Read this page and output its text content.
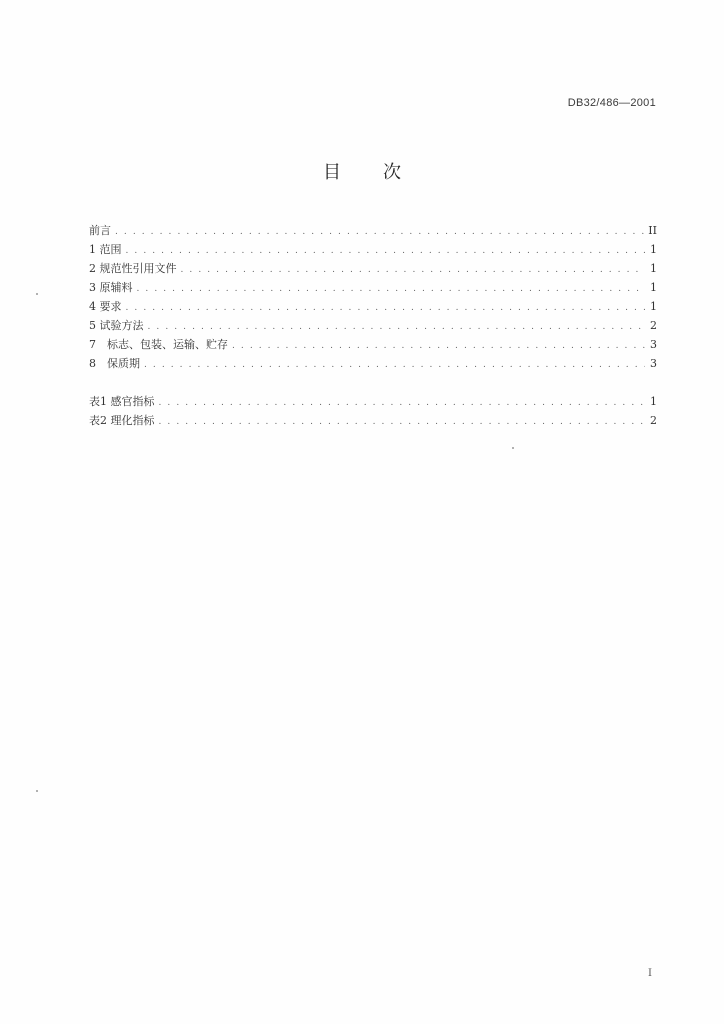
DB32/486—2001
目 次
前言 . . .	II
1 范围 . . .	1
2 规范性引用文件 . . .	1
3 原辅料 . . .	1
4 要求 . . .	1
5 试验方法 . . .	2
7　标志、包装、运输、贮存 . . .	3
8　保质期 . . .	3
表1 感官指标 . . .	1
表2 理化指标 . . .	2
I
